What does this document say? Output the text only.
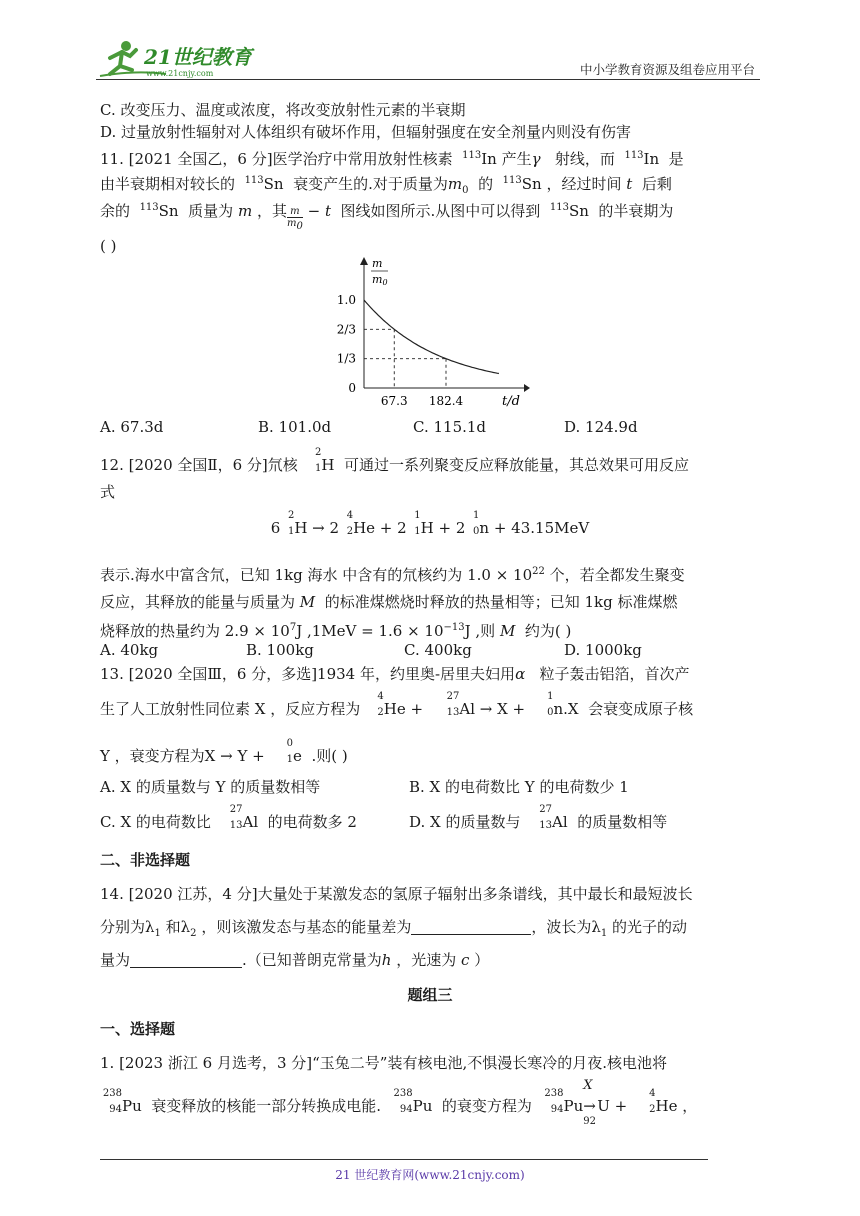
21世纪教育
www.21cnjy.com	中小学教育资源及组卷应用平台
C. 改变压力、温度或浓度，将改变放射性元素的半衰期
D. 过量放射性辐射对人体组织有破坏作用，但辐射强度在安全剂量内则没有伤害
11. [2021 全国乙，6 分]医学治疗中常用放射性核素 $^{113}$In 产生γ 射线，而 $^{113}$In  是
由半衰期相对较长的 $^{113}$Sn  衰变产生的.对于质量为$m_0$ 的 $^{113}$Sn ，经过时间 t 后剩
余的 $^{113}$Sn  质量为 m ，其 $\frac{m}{m_0} - t$ 图线如图所示.从图中可以得到 $^{113}$Sn  的半衰期为
( )
m
m0
1.0
2/3
1/3
0
67.3 182.4	t/d
A. 67.3d	B. 101.0d	C. 115.1d	D. 124.9d
12. [2020 全国Ⅱ，6 分]氘核
2
1 H  可通过一系列聚变反应释放能量，其总效果可用反应
式
6
2
1 H → 2
4
2 He + 2
1
1 H + 2
1
0 n + 43.15MeV
表示.海水中富含氘，已知 1kg 海水 中含有的氘核约为 $1.0 \times 10^{22}$ 个，若全都发生聚变
反应，其释放的能量与质量为 M 的标准煤燃烧时释放的热量相等；已知 1kg 标准煤燃
烧释放的热量约为 $2.9 \times 10^7J$ $,1MeV = 1.6 \times 10^{-13}J$ ,则 M 约为( )
A. 40kg	B. 100kg	C. 400kg	D. 1000kg
13. [2020 全国Ⅲ，6 分，多选]1934 年，约里奥-居里夫妇用α 粒子轰击铝箔，首次产
生了人工放射性同位素 X ，反应方程为
4
2 He +
27
13 Al → X +
1
0 n.X  会衰变成原子核
Y ，衰变方程为X → Y +
0
1 e  .则( )
A. X 的质量数与 Y 的质量数相等	B. X 的电荷数比 Y 的电荷数少 1
C. X 的电荷数比
27
13 Al  的电荷数多 2	D. X 的质量数与
27
13 Al  的质量数相等
二、非选择题
14. [2020 江苏，4 分]大量处于某激发态的氢原子辐射出多条谱线，其中最长和最短波长
分别为$\lambda_1$ 和$\lambda_2$ ，则该激发态与基态的能量差为	，波长为$\lambda_1$ 的光子的动
量为	.（已知普朗克常量为h ，光速为 c ）
题组三
一、选择题
1. [2023 浙江 6 月选考，3 分]“玉兔二号”装有核电池,不惧漫长寒冷的月夜.核电池将
238
94 Pu  衰变释放的核能一部分转换成电能.
238
94 Pu  的衰变方程为
238
94 Pu
X
→
92
U +
4
2 He ，
21 世纪教育网(www.21cnjy.com)
